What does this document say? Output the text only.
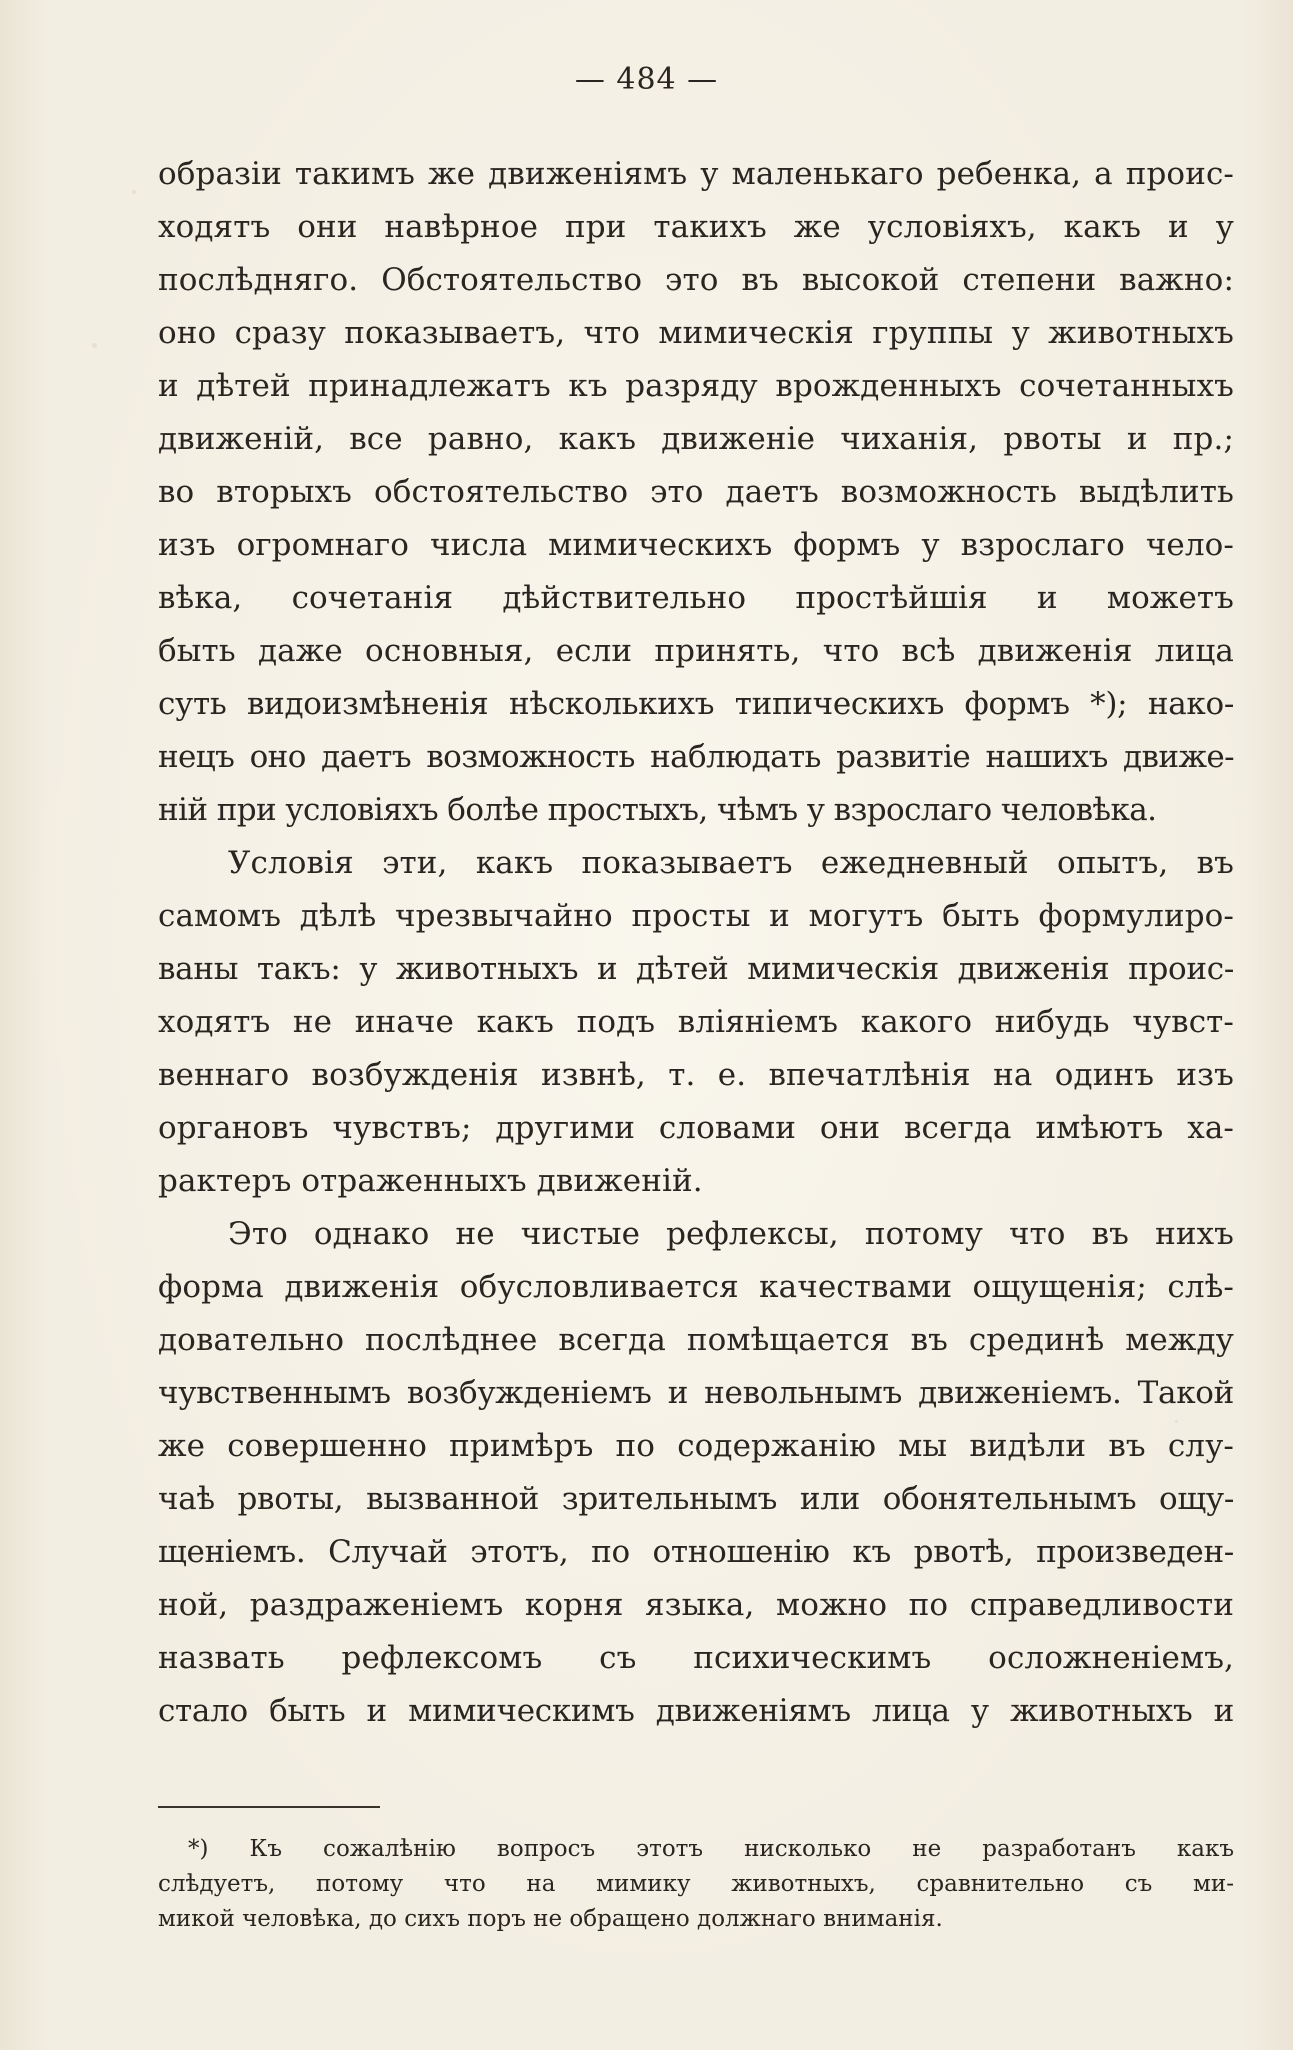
— 484 —
образiи такимъ же движенiямъ у маленькаго ребенка, а проис-
ходятъ они навѣрное при такихъ же условiяхъ, какъ и у
послѣдняго. Обстоятельство это въ высокой степени важно:
оно сразу показываетъ, что мимическiя группы у животныхъ
и дѣтей принадлежатъ къ разряду врожденныхъ сочетанныхъ
движенiй, все равно, какъ движенiе чиханiя, рвоты и пр.;
во вторыхъ обстоятельство это даетъ возможность выдѣлить
изъ огромнаго числа мимическихъ формъ у взрослаго чело-
вѣка, сочетанiя дѣйствительно простѣйшiя и можетъ
быть даже основныя, если принять, что всѣ движенiя лица
суть видоизмѣненiя нѣсколькихъ типическихъ формъ *); нако-
нецъ оно даетъ возможность наблюдать развитiе нашихъ движе-
нiй при условiяхъ болѣе простыхъ, чѣмъ у взрослаго человѣка.
Условiя эти, какъ показываетъ ежедневный опытъ, въ
самомъ дѣлѣ чрезвычайно просты и могутъ быть формулиро-
ваны такъ: у животныхъ и дѣтей мимическiя движенiя проис-
ходятъ не иначе какъ подъ влiянiемъ какого нибудь чувст-
веннаго возбужденiя извнѣ, т. е. впечатлѣнiя на одинъ изъ
органовъ чувствъ; другими словами они всегда имѣютъ ха-
рактеръ отраженныхъ движенiй.
Это однако не чистые рефлексы, потому что въ нихъ
форма движенiя обусловливается качествами ощущенiя; слѣ-
довательно послѣднее всегда помѣщается въ срединѣ между
чувственнымъ возбужденiемъ и невольнымъ движенiемъ. Такой
же совершенно примѣръ по содержанiю мы видѣли въ слу-
чаѣ рвоты, вызванной зрительнымъ или обонятельнымъ ощу-
щенiемъ. Случай этотъ, по отношенiю къ рвотѣ, произведен-
ной, раздраженiемъ корня языка, можно по справедливости
назвать рефлексомъ съ психическимъ осложненiемъ,
стало быть и мимическимъ движенiямъ лица у животныхъ и
*) Къ сожалѣнiю вопросъ этотъ нисколько не разработанъ какъ
слѣдуетъ, потому что на мимику животныхъ, сравнительно съ ми-
микой человѣка, до сихъ поръ не обращено должнаго вниманiя.
